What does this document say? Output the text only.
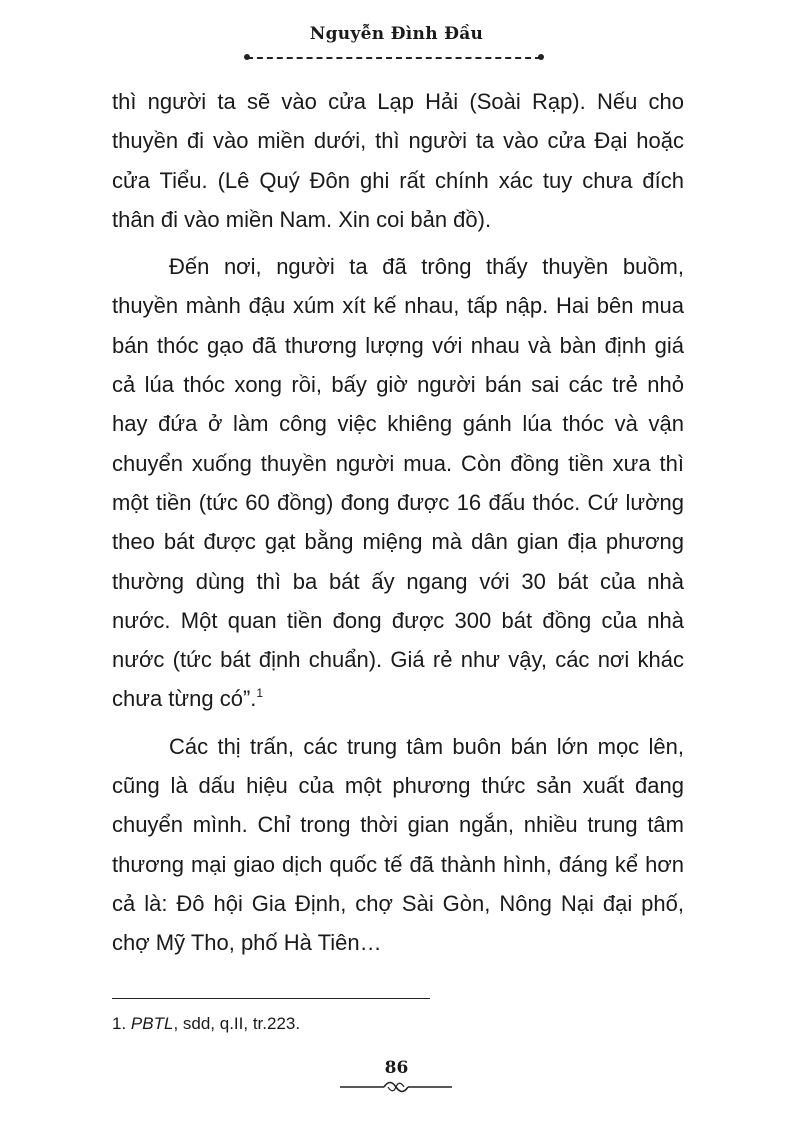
Nguyễn Đình Đầu

thì người ta sẽ vào cửa Lạp Hải (Soài Rạp). Nếu cho thuyền đi vào miền dưới, thì người ta vào cửa Đại hoặc cửa Tiểu. (Lê Quý Đôn ghi rất chính xác tuy chưa đích thân đi vào miền Nam. Xin coi bản đồ).

Đến nơi, người ta đã trông thấy thuyền buồm, thuyền mành đậu xúm xít kế nhau, tấp nập. Hai bên mua bán thóc gạo đã thương lượng với nhau và bàn định giá cả lúa thóc xong rồi, bấy giờ người bán sai các trẻ nhỏ hay đứa ở làm công việc khiêng gánh lúa thóc và vận chuyển xuống thuyền người mua. Còn đồng tiền xưa thì một tiền (tức 60 đồng) đong được 16 đấu thóc. Cứ lường theo bát được gạt bằng miệng mà dân gian địa phương thường dùng thì ba bát ấy ngang với 30 bát của nhà nước. Một quan tiền đong được 300 bát đồng của nhà nước (tức bát định chuẩn). Giá rẻ như vậy, các nơi khác chưa từng có”.$^1$

Các thị trấn, các trung tâm buôn bán lớn mọc lên, cũng là dấu hiệu của một phương thức sản xuất đang chuyển mình. Chỉ trong thời gian ngắn, nhiều trung tâm thương mại giao dịch quốc tế đã thành hình, đáng kể hơn cả là: Đô hội Gia Định, chợ Sài Gòn, Nông Nại đại phố, chợ Mỹ Tho, phố Hà Tiên…

1. PBTL, sdd, q.II, tr.223.
86
